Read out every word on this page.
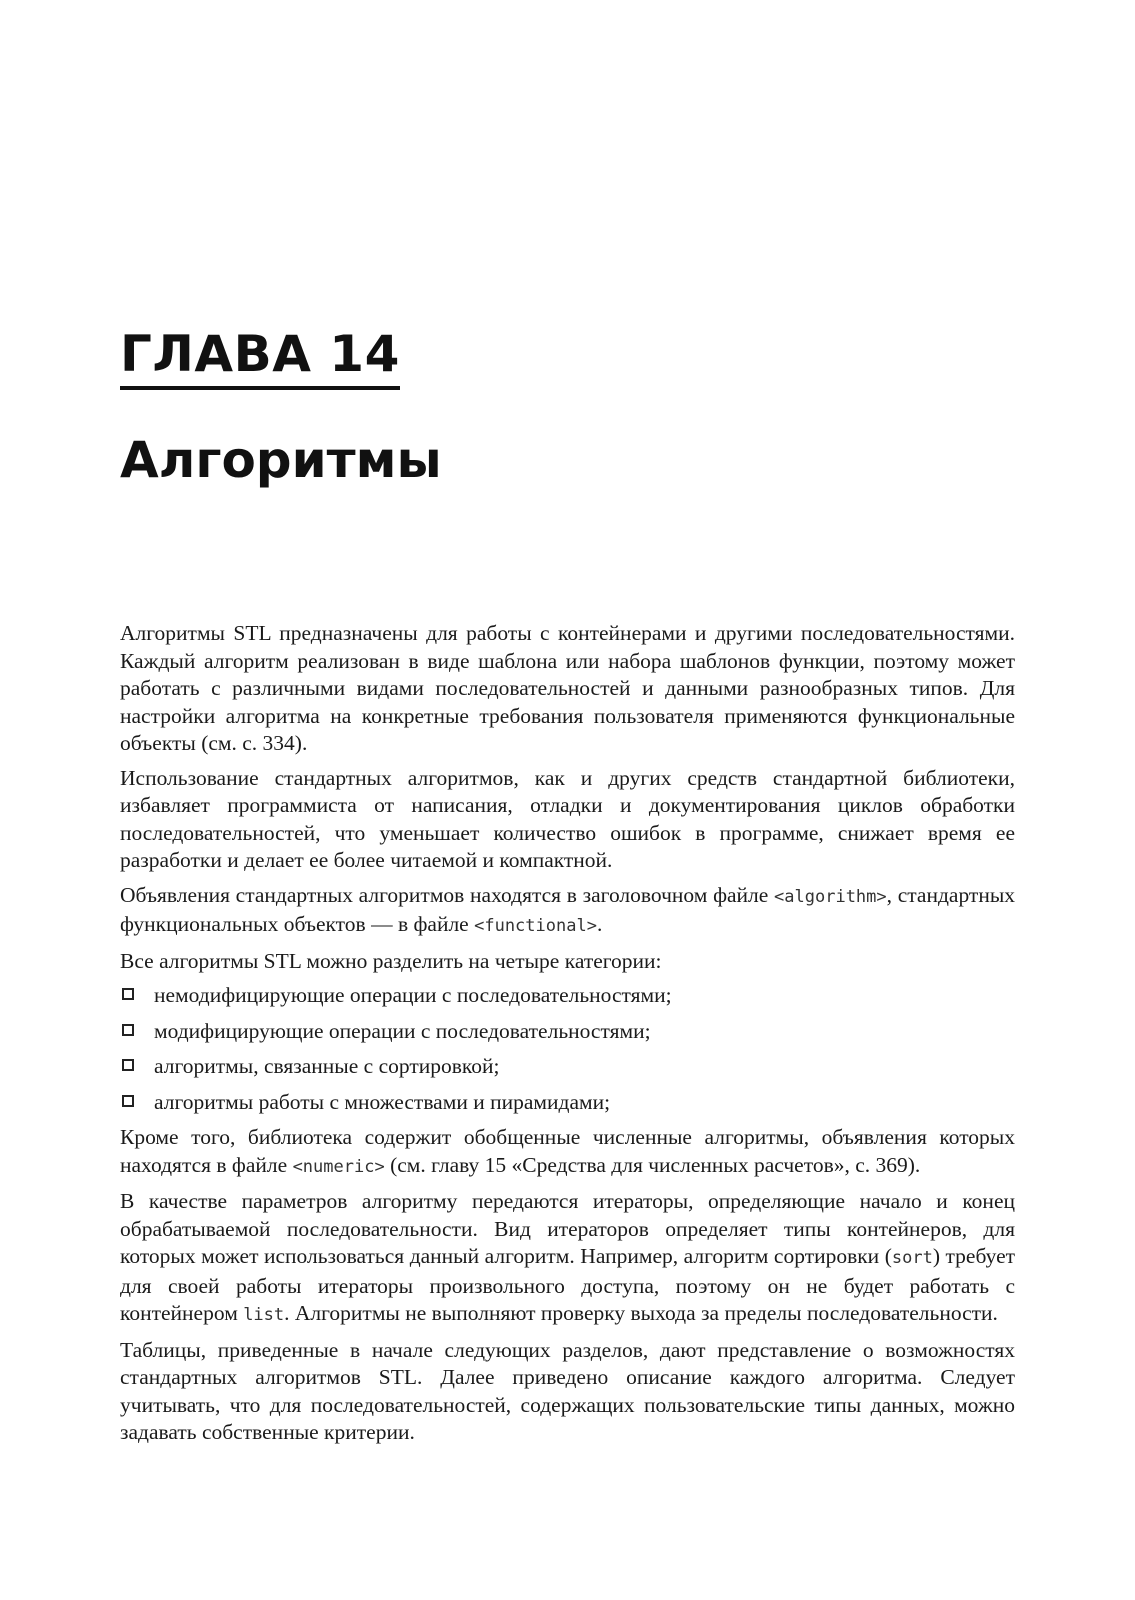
ГЛАВА 14
Алгоритмы

Алгоритмы STL предназначены для работы с контейнерами и другими последовательностями. Каждый алгоритм реализован в виде шаблона или набора шаблонов функции, поэтому может работать с различными видами последовательностей и данными разнообразных типов. Для настройки алгоритма на конкретные требования пользователя применяются функциональные объекты (см. с. 334).

Использование стандартных алгоритмов, как и других средств стандартной библиотеки, избавляет программиста от написания, отладки и документирования циклов обработки последовательностей, что уменьшает количество ошибок в программе, снижает время ее разработки и делает ее более читаемой и компактной.

Объявления стандартных алгоритмов находятся в заголовочном файле <algorithm>, стандартных функциональных объектов — в файле <functional>.

Все алгоритмы STL можно разделить на четыре категории:

немодифицирующие операции с последовательностями;
модифицирующие операции с последовательностями;
алгоритмы, связанные с сортировкой;
алгоритмы работы с множествами и пирамидами;

Кроме того, библиотека содержит обобщенные численные алгоритмы, объявления которых находятся в файле <numeric> (см. главу 15 «Средства для численных расчетов», с. 369).

В качестве параметров алгоритму передаются итераторы, определяющие начало и конец обрабатываемой последовательности. Вид итераторов определяет типы контейнеров, для которых может использоваться данный алгоритм. Например, алгоритм сортировки (sort) требует для своей работы итераторы произвольного доступа, поэтому он не будет работать с контейнером list. Алгоритмы не выполняют проверку выхода за пределы последовательности.

Таблицы, приведенные в начале следующих разделов, дают представление о возможностях стандартных алгоритмов STL. Далее приведено описание каждого алгоритма. Следует учитывать, что для последовательностей, содержащих пользовательские типы данных, можно задавать собственные критерии.
